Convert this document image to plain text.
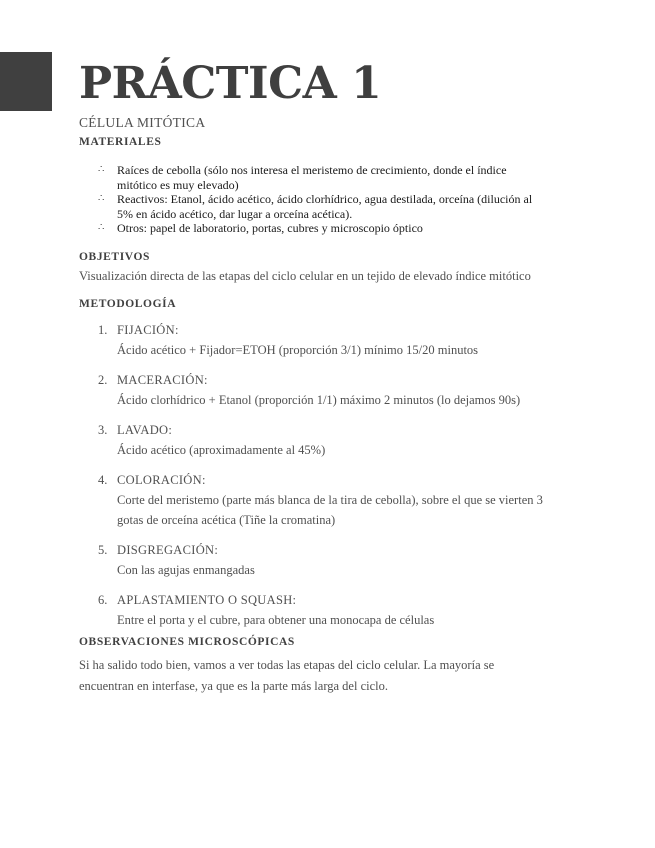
PRÁCTICA 1
CÉLULA MITÓTICA
MATERIALES
∴ Raíces de cebolla (sólo nos interesa el meristemo de crecimiento, donde el índice mitótico es muy elevado)
∴ Reactivos: Etanol, ácido acético, ácido clorhídrico, agua destilada, orceína (dilución al 5% en ácido acético, dar lugar a orceína acética).
∴ Otros: papel de laboratorio, portas, cubres y microscopio óptico
OBJETIVOS

Visualización directa de las etapas del ciclo celular en un tejido de elevado índice mitótico

METODOLOGÍA
1. FIJACIÓN:
Ácido acético + Fijador=ETOH (proporción 3/1) mínimo 15/20 minutos
2. MACERACIÓN:
Ácido clorhídrico + Etanol (proporción 1/1) máximo 2 minutos (lo dejamos 90s)
3. LAVADO:
Ácido acético (aproximadamente al 45%)
4. COLORACIÓN:
Corte del meristemo (parte más blanca de la tira de cebolla), sobre el que se vierten 3 gotas de orceína acética (Tiñe la cromatina)
5. DISGREGACIÓN:
Con las agujas enmangadas
6. APLASTAMIENTO O SQUASH:
Entre el porta y el cubre, para obtener una monocapa de células
OBSERVACIONES MICROSCÓPICAS

Si ha salido todo bien, vamos a ver todas las etapas del ciclo celular. La mayoría se encuentran en interfase, ya que es la parte más larga del ciclo.
